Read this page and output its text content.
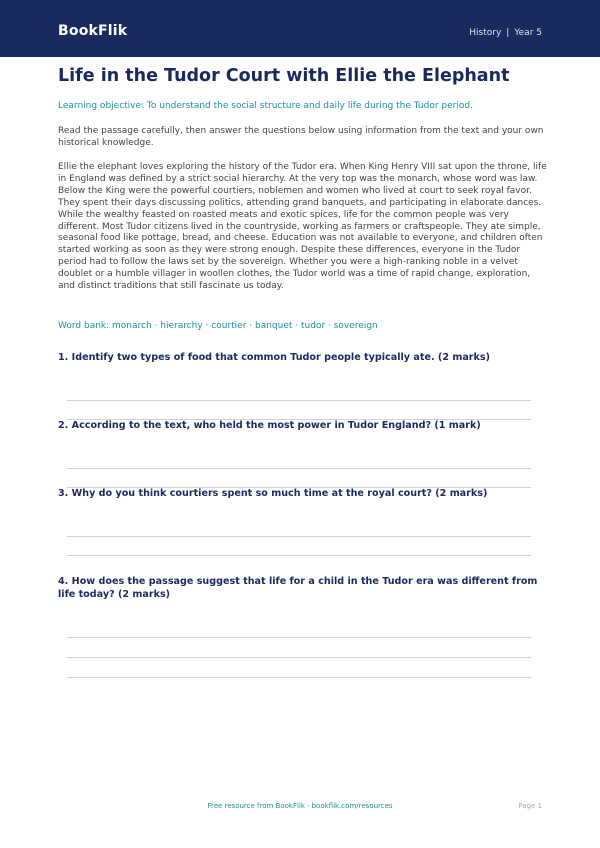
BookFlik	History | Year 5
Life in the Tudor Court with Ellie the Elephant
Learning objective: To understand the social structure and daily life during the Tudor period.

Read the passage carefully, then answer the questions below using information from the text and your own historical knowledge.

Ellie the elephant loves exploring the history of the Tudor era. When King Henry VIII sat upon the throne, life in England was defined by a strict social hierarchy. At the very top was the monarch, whose word was law. Below the King were the powerful courtiers, noblemen and women who lived at court to seek royal favor. They spent their days discussing politics, attending grand banquets, and participating in elaborate dances. While the wealthy feasted on roasted meats and exotic spices, life for the common people was very different. Most Tudor citizens lived in the countryside, working as farmers or craftspeople. They ate simple, seasonal food like pottage, bread, and cheese. Education was not available to everyone, and children often started working as soon as they were strong enough. Despite these differences, everyone in the Tudor period had to follow the laws set by the sovereign. Whether you were a high-ranking noble in a velvet doublet or a humble villager in woollen clothes, the Tudor world was a time of rapid change, exploration, and distinct traditions that still fascinate us today.

Word bank: monarch · hierarchy · courtier · banquet · tudor · sovereign
1. Identify two types of food that common Tudor people typically ate. (2 marks)
2. According to the text, who held the most power in Tudor England? (1 mark)
3. Why do you think courtiers spent so much time at the royal court? (2 marks)
4. How does the passage suggest that life for a child in the Tudor era was different from life today? (2 marks)
Free resource from BookFlik · bookflik.com/resources	Page 1
